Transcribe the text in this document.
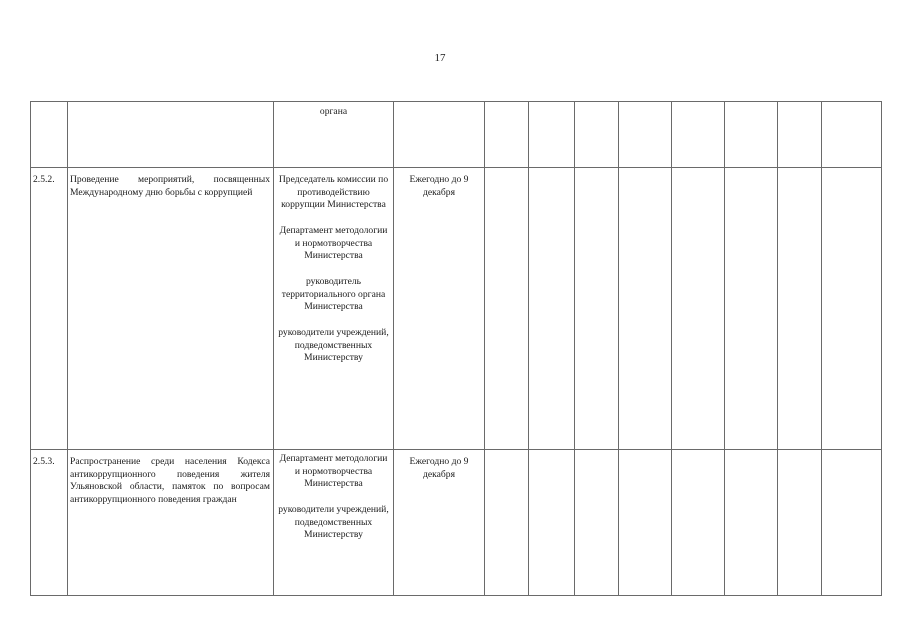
17

		органа									

2.5.2.	Проведение мероприятий, посвященных Международному дню борьбы с коррупцией	Председатель комиссии по противодействию коррупции Министерства
Департамент методологии и нормотворчества Министерства
руководитель территориального органа Министерства
руководители учреждений, подведомственных Министерству	Ежегодно до 9 декабря								

2.5.3.	Распространение среди населения Кодекса антикоррупционного поведения жителя Ульяновской области, памяток по вопросам антикоррупционного поведения граждан	Департамент методологии и нормотворчества Министерства
руководители учреждений, подведомственных Министерству	Ежегодно до 9 декабря								
